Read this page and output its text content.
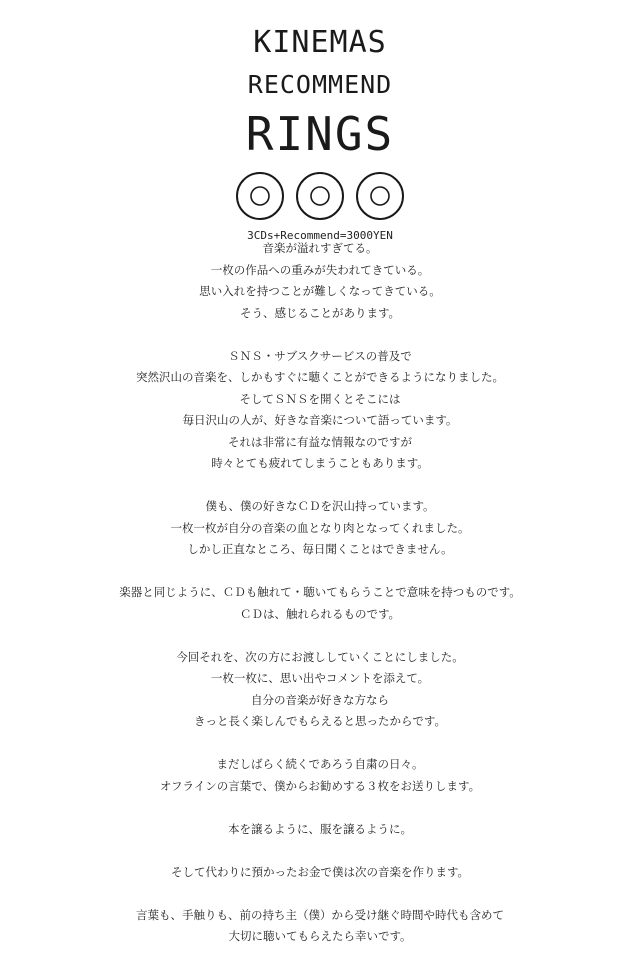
KINEMAS
RECOMMEND
RINGS
3CDs+Recommend=3000YEN
音楽が溢れすぎてる。
一枚の作品への重みが失われてきている。
思い入れを持つことが難しくなってきている。
そう、感じることがあります。
ＳＮＳ・サブスクサービスの普及で
突然沢山の音楽を、しかもすぐに聴くことができるようになりました。
そしてＳＮＳを開くとそこには
毎日沢山の人が、好きな音楽について語っています。
それは非常に有益な情報なのですが
時々とても疲れてしまうこともあります。
僕も、僕の好きなＣＤを沢山持っています。
一枚一枚が自分の音楽の血となり肉となってくれました。
しかし正直なところ、毎日聞くことはできません。
楽器と同じように、ＣＤも触れて・聴いてもらうことで意味を持つものです。
ＣＤは、触れられるものです。
今回それを、次の方にお渡ししていくことにしました。
一枚一枚に、思い出やコメントを添えて。
自分の音楽が好きな方なら
きっと長く楽しんでもらえると思ったからです。
まだしばらく続くであろう自粛の日々。
オフラインの言葉で、僕からお勧めする３枚をお送りします。
本を譲るように、服を譲るように。
そして代わりに預かったお金で僕は次の音楽を作ります。
言葉も、手触りも、前の持ち主（僕）から受け継ぐ時間や時代も含めて
大切に聴いてもらえたら幸いです。
